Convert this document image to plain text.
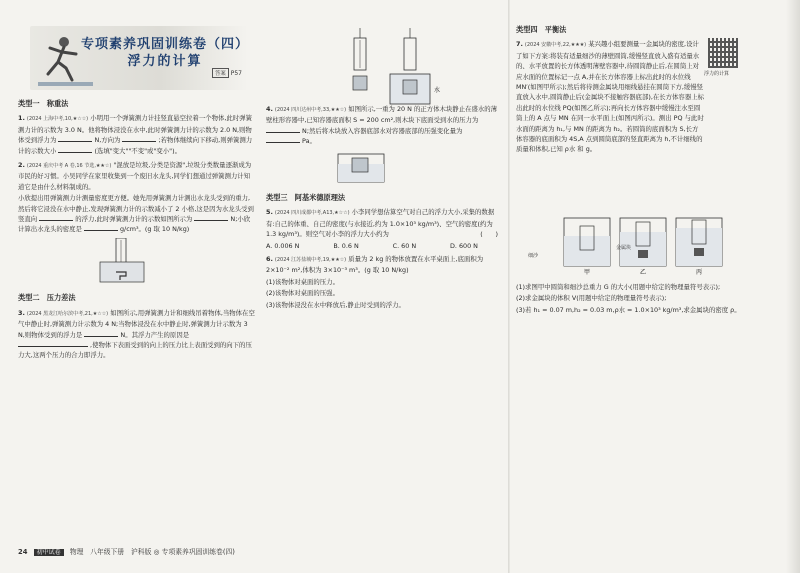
专项素养巩固训练卷（四）
浮力的计算
答案 P57
类型一　称重法

1. (2024 上海中考,10,★☆☆) 小明用一个弹簧测力计挂竖直悬空拉着一个物体,此时弹簧测力计的示数为 3.0 N。他将物体浸没在水中,此时弹簧测力计的示数为 2.0 N,则物体受到浮力为	N,方向为	;若物体继续向下移动,则弹簧测力计的示数大小	(选填"变大""不变"或"变小")。

2. (2024 重庆中考 A 卷,16 节选,★★☆) "混放是垃圾,分类是资源",垃圾分类数量逐渐成为市民的好习惯。小吴同学在家里收集到一个废旧水龙头,同学们想通过弹簧测力计知道它是由什么材料制成的。

小欣提出用弹簧测力计测量密度更方便。她先用弹簧测力计测出水龙头受到的重力,然后将它浸没在水中静止,发现弹簧测力计的示数减小了 2 小格,这是因为水龙头受到竖直向	的浮力,此时弹簧测力计的示数如图所示为	N;小欣计算出水龙头的密度是	g/cm³。(g 取 10 N/kg)

类型二　压力差法

3. (2024 黑龙江哈尔滨中考,21,★☆☆) 如图所示,用弹簧测力计和细线吊着物体,当物体在空气中静止时,弹簧测力计示数为 4 N;当物体浸没在水中静止时,弹簧测力计示数为 3 N,则物体受到的浮力是	N。其浮力产生的原因是  ,使物体下表面受到的向上的压力比上表面受到的向下的压力大,这两个压力的合力即浮力。

水

4. (2024 四川达州中考,33,★★☆) 如图所示,一重为 20 N 的正方体木块静止在盛水的薄壁柱形容器中,已知容器底面积 S = 200 cm²,则木块下底面受到水的压力为  N;然后将木块放入容器底部水对容器底部的压强变化量为  Pa。

类型三　阿基米德原理法

5. (2024 四川成都中考,A13,★☆☆) 小李同学想估算空气对自己的浮力大小,采集的数据有:自己的体重、自己的密度(与水接近,约为 1.0×10³ kg/m³)、空气的密度(约为 1.3 kg/m³)。则空气对小李的浮力大小约为	(　　)

A. 0.006 N	B. 0.6 N	C. 60 N	D. 600 N

6. (2024 江苏盐城中考,19,★★☆) 质量为 2 kg 的物体放置在水平桌面上,底面积为 2×10⁻² m²,体积为 3×10⁻³ m³。(g 取 10 N/kg)

(1)该物体对桌面的压力。

(2)该物体对桌面的压强。

(3)该物体浸没在水中释放后,静止时受到的浮力。

类型四　平衡法

7. (2024 安徽中考,22,★★★) 某兴趣小组要测量一金属块的密度,设计了如下方案:将装有适量细沙的薄壁圆筒,缓慢竖直放入盛有适量水的、水平放置的长方体透明薄壁容器中,待圆筒静止后,在圆筒上对应水面的位置标记一点 A,并在长方体容器上标出此时的水位线 MN′(如图甲所示);然后将待测金属块用细线悬挂在圆筒下方,缓慢竖直放入水中,圆筒静止后(金属块不接触容器底部),在长方体容器上标出此时的水位线 PQ(如图乙所示);再向长方体容器中缓慢注水至圆筒上的 A 点与 MN 在同一水平面上(如图丙所示)。测出 PQ 与此时水面的距离为 h₁,与 MN 的距离为 h₂。若圆筒的底面积为 S,长方体容器的底面积为 4S,A 点到圆筒底部的竖直距离为 h,不计细线的质量和体积,已知 ρ水 和 g。

(1)求图甲中圆筒和细沙总重力 G 的大小(用题中给定的物理量符号表示);

(2)求金属块的体积 V(用题中给定的物理量符号表示);

(3)若 h₁ = 0.07 m,h₂ = 0.03 m,ρ水 = 1.0×10³ kg/m³,求金属块的密度 ρ。

浮力的计算
甲	乙	丙
细沙
金属块
24 初中试卷 物理　八年级下册　沪科版 ◎ 专项素养巩固训练卷(四)
